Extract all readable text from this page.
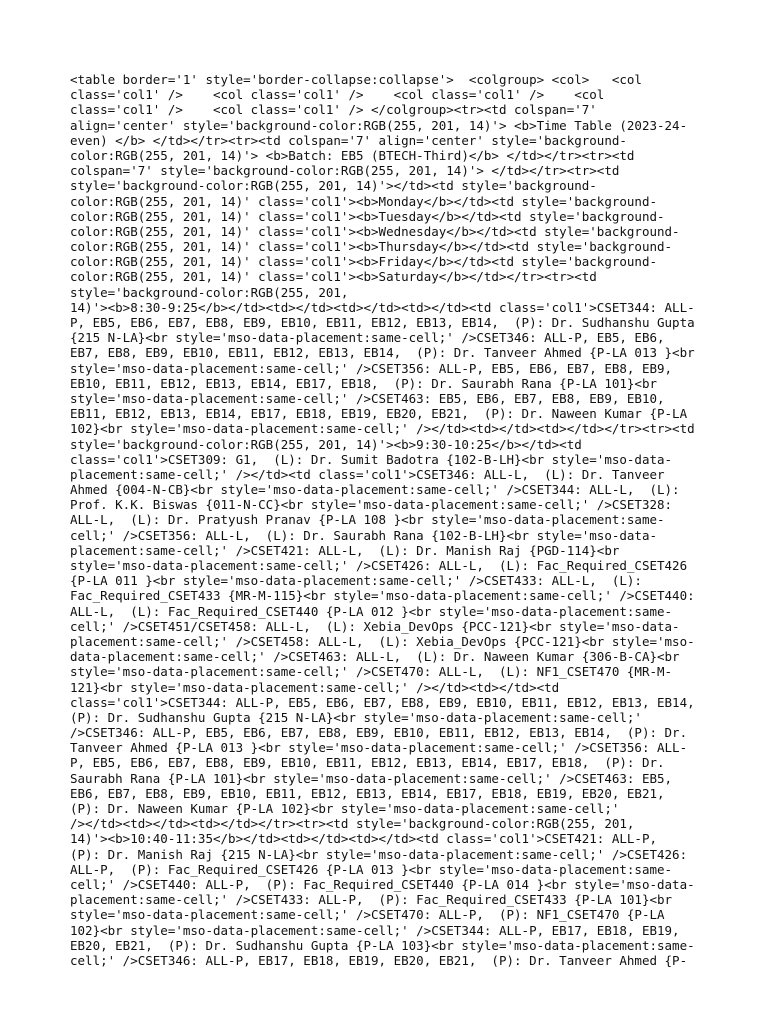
<table border='1' style='border-collapse:collapse'>  <colgroup> <col>   <col
class='col1' />    <col class='col1' />    <col class='col1' />    <col
class='col1' />    <col class='col1' /> </colgroup><tr><td colspan='7'
align='center' style='background-color:RGB(255, 201, 14)'> <b>Time Table (2023-24-
even) </b> </td></tr><tr><td colspan='7' align='center' style='background-
color:RGB(255, 201, 14)'> <b>Batch: EB5 (BTECH-Third)</b> </td></tr><tr><td
colspan='7' style='background-color:RGB(255, 201, 14)'> </td></tr><tr><td
style='background-color:RGB(255, 201, 14)'></td><td style='background-
color:RGB(255, 201, 14)' class='col1'><b>Monday</b></td><td style='background-
color:RGB(255, 201, 14)' class='col1'><b>Tuesday</b></td><td style='background-
color:RGB(255, 201, 14)' class='col1'><b>Wednesday</b></td><td style='background-
color:RGB(255, 201, 14)' class='col1'><b>Thursday</b></td><td style='background-
color:RGB(255, 201, 14)' class='col1'><b>Friday</b></td><td style='background-
color:RGB(255, 201, 14)' class='col1'><b>Saturday</b></td></tr><tr><td
style='background-color:RGB(255, 201,
14)'><b>8:30-9:25</b></td><td></td><td></td><td></td><td class='col1'>CSET344: ALL-
P, EB5, EB6, EB7, EB8, EB9, EB10, EB11, EB12, EB13, EB14,  (P): Dr. Sudhanshu Gupta
{215 N-LA}<br style='mso-data-placement:same-cell;' />CSET346: ALL-P, EB5, EB6,
EB7, EB8, EB9, EB10, EB11, EB12, EB13, EB14,  (P): Dr. Tanveer Ahmed {P-LA 013 }<br
style='mso-data-placement:same-cell;' />CSET356: ALL-P, EB5, EB6, EB7, EB8, EB9,
EB10, EB11, EB12, EB13, EB14, EB17, EB18,  (P): Dr. Saurabh Rana {P-LA 101}<br
style='mso-data-placement:same-cell;' />CSET463: EB5, EB6, EB7, EB8, EB9, EB10,
EB11, EB12, EB13, EB14, EB17, EB18, EB19, EB20, EB21,  (P): Dr. Naween Kumar {P-LA
102}<br style='mso-data-placement:same-cell;' /></td><td></td><td></td></tr><tr><td
style='background-color:RGB(255, 201, 14)'><b>9:30-10:25</b></td><td
class='col1'>CSET309: G1,  (L): Dr. Sumit Badotra {102-B-LH}<br style='mso-data-
placement:same-cell;' /></td><td class='col1'>CSET346: ALL-L,  (L): Dr. Tanveer
Ahmed {004-N-CB}<br style='mso-data-placement:same-cell;' />CSET344: ALL-L,  (L):
Prof. K.K. Biswas {011-N-CC}<br style='mso-data-placement:same-cell;' />CSET328:
ALL-L,  (L): Dr. Pratyush Pranav {P-LA 108 }<br style='mso-data-placement:same-
cell;' />CSET356: ALL-L,  (L): Dr. Saurabh Rana {102-B-LH}<br style='mso-data-
placement:same-cell;' />CSET421: ALL-L,  (L): Dr. Manish Raj {PGD-114}<br
style='mso-data-placement:same-cell;' />CSET426: ALL-L,  (L): Fac_Required_CSET426
{P-LA 011 }<br style='mso-data-placement:same-cell;' />CSET433: ALL-L,  (L):
Fac_Required_CSET433 {MR-M-115}<br style='mso-data-placement:same-cell;' />CSET440:
ALL-L,  (L): Fac_Required_CSET440 {P-LA 012 }<br style='mso-data-placement:same-
cell;' />CSET451/CSET458: ALL-L,  (L): Xebia_DevOps {PCC-121}<br style='mso-data-
placement:same-cell;' />CSET458: ALL-L,  (L): Xebia_DevOps {PCC-121}<br style='mso-
data-placement:same-cell;' />CSET463: ALL-L,  (L): Dr. Naween Kumar {306-B-CA}<br
style='mso-data-placement:same-cell;' />CSET470: ALL-L,  (L): NF1_CSET470 {MR-M-
121}<br style='mso-data-placement:same-cell;' /></td><td></td><td
class='col1'>CSET344: ALL-P, EB5, EB6, EB7, EB8, EB9, EB10, EB11, EB12, EB13, EB14,
(P): Dr. Sudhanshu Gupta {215 N-LA}<br style='mso-data-placement:same-cell;'
/>CSET346: ALL-P, EB5, EB6, EB7, EB8, EB9, EB10, EB11, EB12, EB13, EB14,  (P): Dr.
Tanveer Ahmed {P-LA 013 }<br style='mso-data-placement:same-cell;' />CSET356: ALL-
P, EB5, EB6, EB7, EB8, EB9, EB10, EB11, EB12, EB13, EB14, EB17, EB18,  (P): Dr.
Saurabh Rana {P-LA 101}<br style='mso-data-placement:same-cell;' />CSET463: EB5,
EB6, EB7, EB8, EB9, EB10, EB11, EB12, EB13, EB14, EB17, EB18, EB19, EB20, EB21,
(P): Dr. Naween Kumar {P-LA 102}<br style='mso-data-placement:same-cell;'
/></td><td></td><td></td></tr><tr><td style='background-color:RGB(255, 201,
14)'><b>10:40-11:35</b></td><td></td><td></td><td class='col1'>CSET421: ALL-P,
(P): Dr. Manish Raj {215 N-LA}<br style='mso-data-placement:same-cell;' />CSET426:
ALL-P,  (P): Fac_Required_CSET426 {P-LA 013 }<br style='mso-data-placement:same-
cell;' />CSET440: ALL-P,  (P): Fac_Required_CSET440 {P-LA 014 }<br style='mso-data-
placement:same-cell;' />CSET433: ALL-P,  (P): Fac_Required_CSET433 {P-LA 101}<br
style='mso-data-placement:same-cell;' />CSET470: ALL-P,  (P): NF1_CSET470 {P-LA
102}<br style='mso-data-placement:same-cell;' />CSET344: ALL-P, EB17, EB18, EB19,
EB20, EB21,  (P): Dr. Sudhanshu Gupta {P-LA 103}<br style='mso-data-placement:same-
cell;' />CSET346: ALL-P, EB17, EB18, EB19, EB20, EB21,  (P): Dr. Tanveer Ahmed {P-
